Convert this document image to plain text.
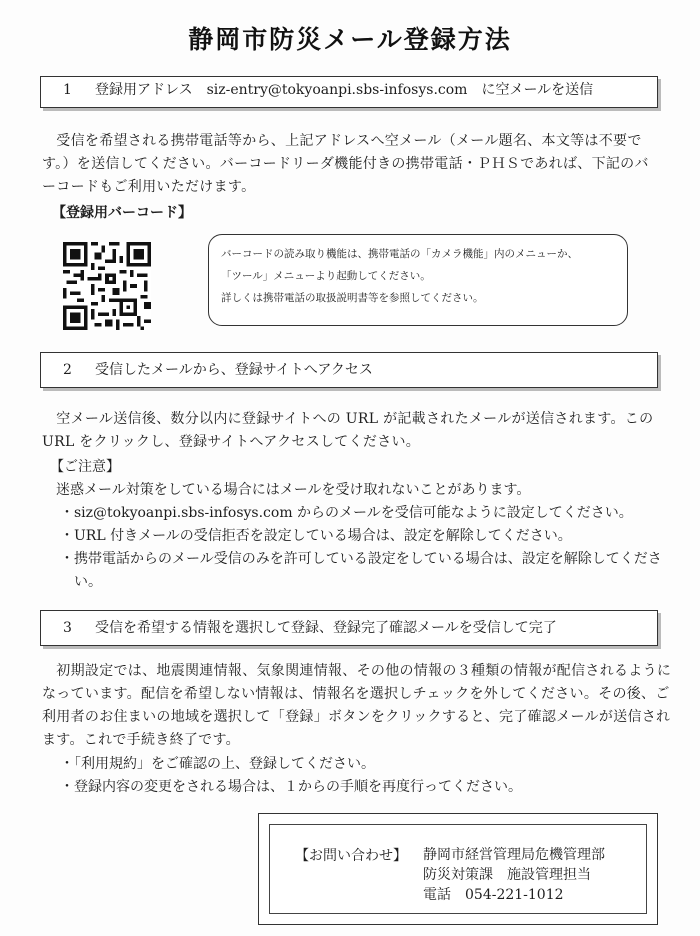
静岡市防災メール登録方法
1 登録用アドレス　siz-entry@tokyoanpi.sbs-infosys.com　に空メールを送信
　受信を希望される携帯電話等から、上記アドレスへ空メール（メール題名、本文等は不要です。）を送信してください。バーコードリーダ機能付きの携帯電話・ＰＨＳであれば、下記のバーコードもご利用いただけます。
【登録用バーコード】
バーコードの読み取り機能は、携帯電話の「カメラ機能」内のメニューか、
「ツール」メニューより起動してください。
詳しくは携帯電話の取扱説明書等を参照してください。
2 受信したメールから、登録サイトへアクセス
　空メール送信後、数分以内に登録サイトへの URL が記載されたメールが送信されます。この URL をクリックし、登録サイトへアクセスしてください。
【ご注意】
迷惑メール対策をしている場合にはメールを受け取れないことがあります。
・siz@tokyoanpi.sbs-infosys.com からのメールを受信可能なように設定してください。
・URL 付きメールの受信拒否を設定している場合は、設定を解除してください。
・携帯電話からのメール受信のみを許可している設定をしている場合は、設定を解除してください。
3 受信を希望する情報を選択して登録、登録完了確認メールを受信して完了
　初期設定では、地震関連情報、気象関連情報、その他の情報の３種類の情報が配信されるようになっています。配信を希望しない情報は、情報名を選択しチェックを外してください。その後、ご利用者のお住まいの地域を選択して「登録」ボタンをクリックすると、完了確認メールが送信されます。これで手続き終了です。
・「利用規約」をご確認の上、登録してください。
・登録内容の変更をされる場合は、１からの手順を再度行ってください。
【お問い合わせ】 静岡市経営管理局危機管理部
防災対策課　施設管理担当
電話　054-221-1012
